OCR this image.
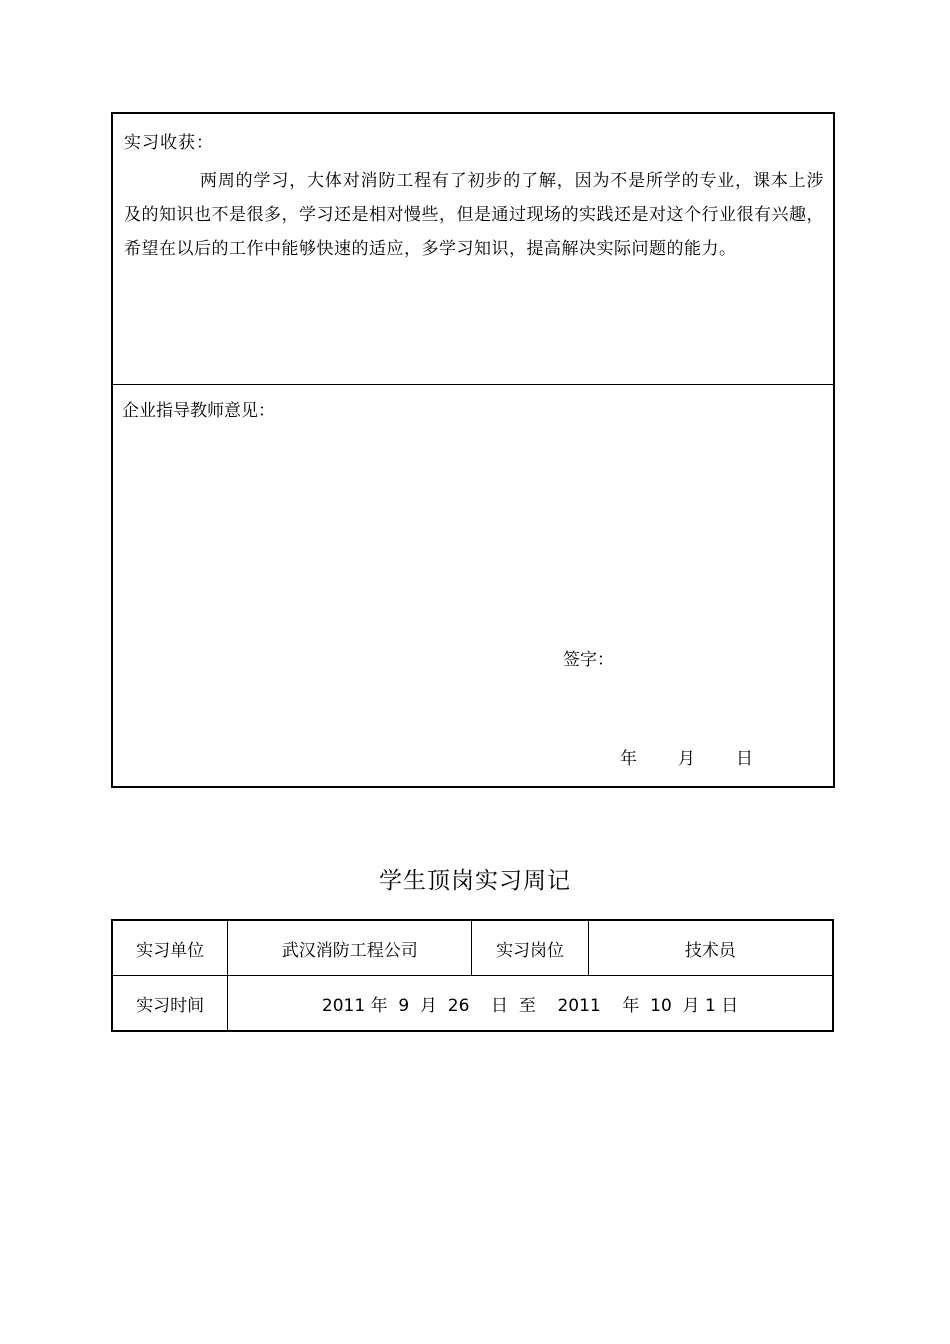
实习收获：
两周的学习，大体对消防工程有了初步的了解，因为不是所学的专业，课本上涉及的知识也不是很多，学习还是相对慢些，但是通过现场的实践还是对这个行业很有兴趣，希望在以后的工作中能够快速的适应，多学习知识，提高解决实际问题的能力。
企业指导教师意见：
签字：
年 月 日
学生顶岗实习周记
实习单位	武汉消防工程公司	实习岗位	技术员
实习时间	2011 年  9  月  26    日  至    2011    年  10  月 1 日		
